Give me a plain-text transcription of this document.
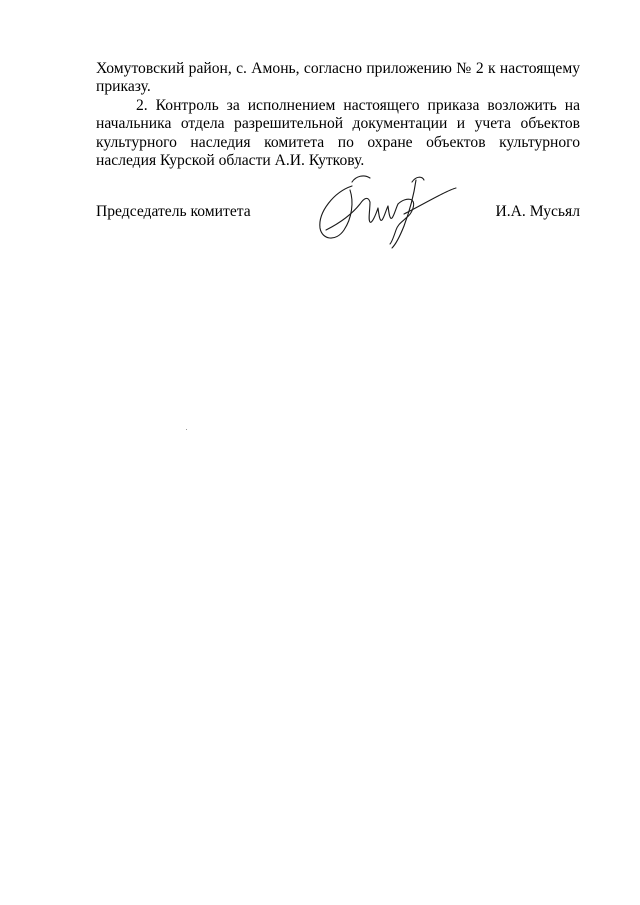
Хомутовский район, с. Амонь, согласно приложению № 2 к настоящему приказу.

2. Контроль за исполнением настоящего приказа возложить на начальника отдела разрешительной документации и учета объектов культурного наследия комитета по охране объектов культурного наследия Курской области А.И. Куткову.

Председатель комитета	И.А. Мусьял
